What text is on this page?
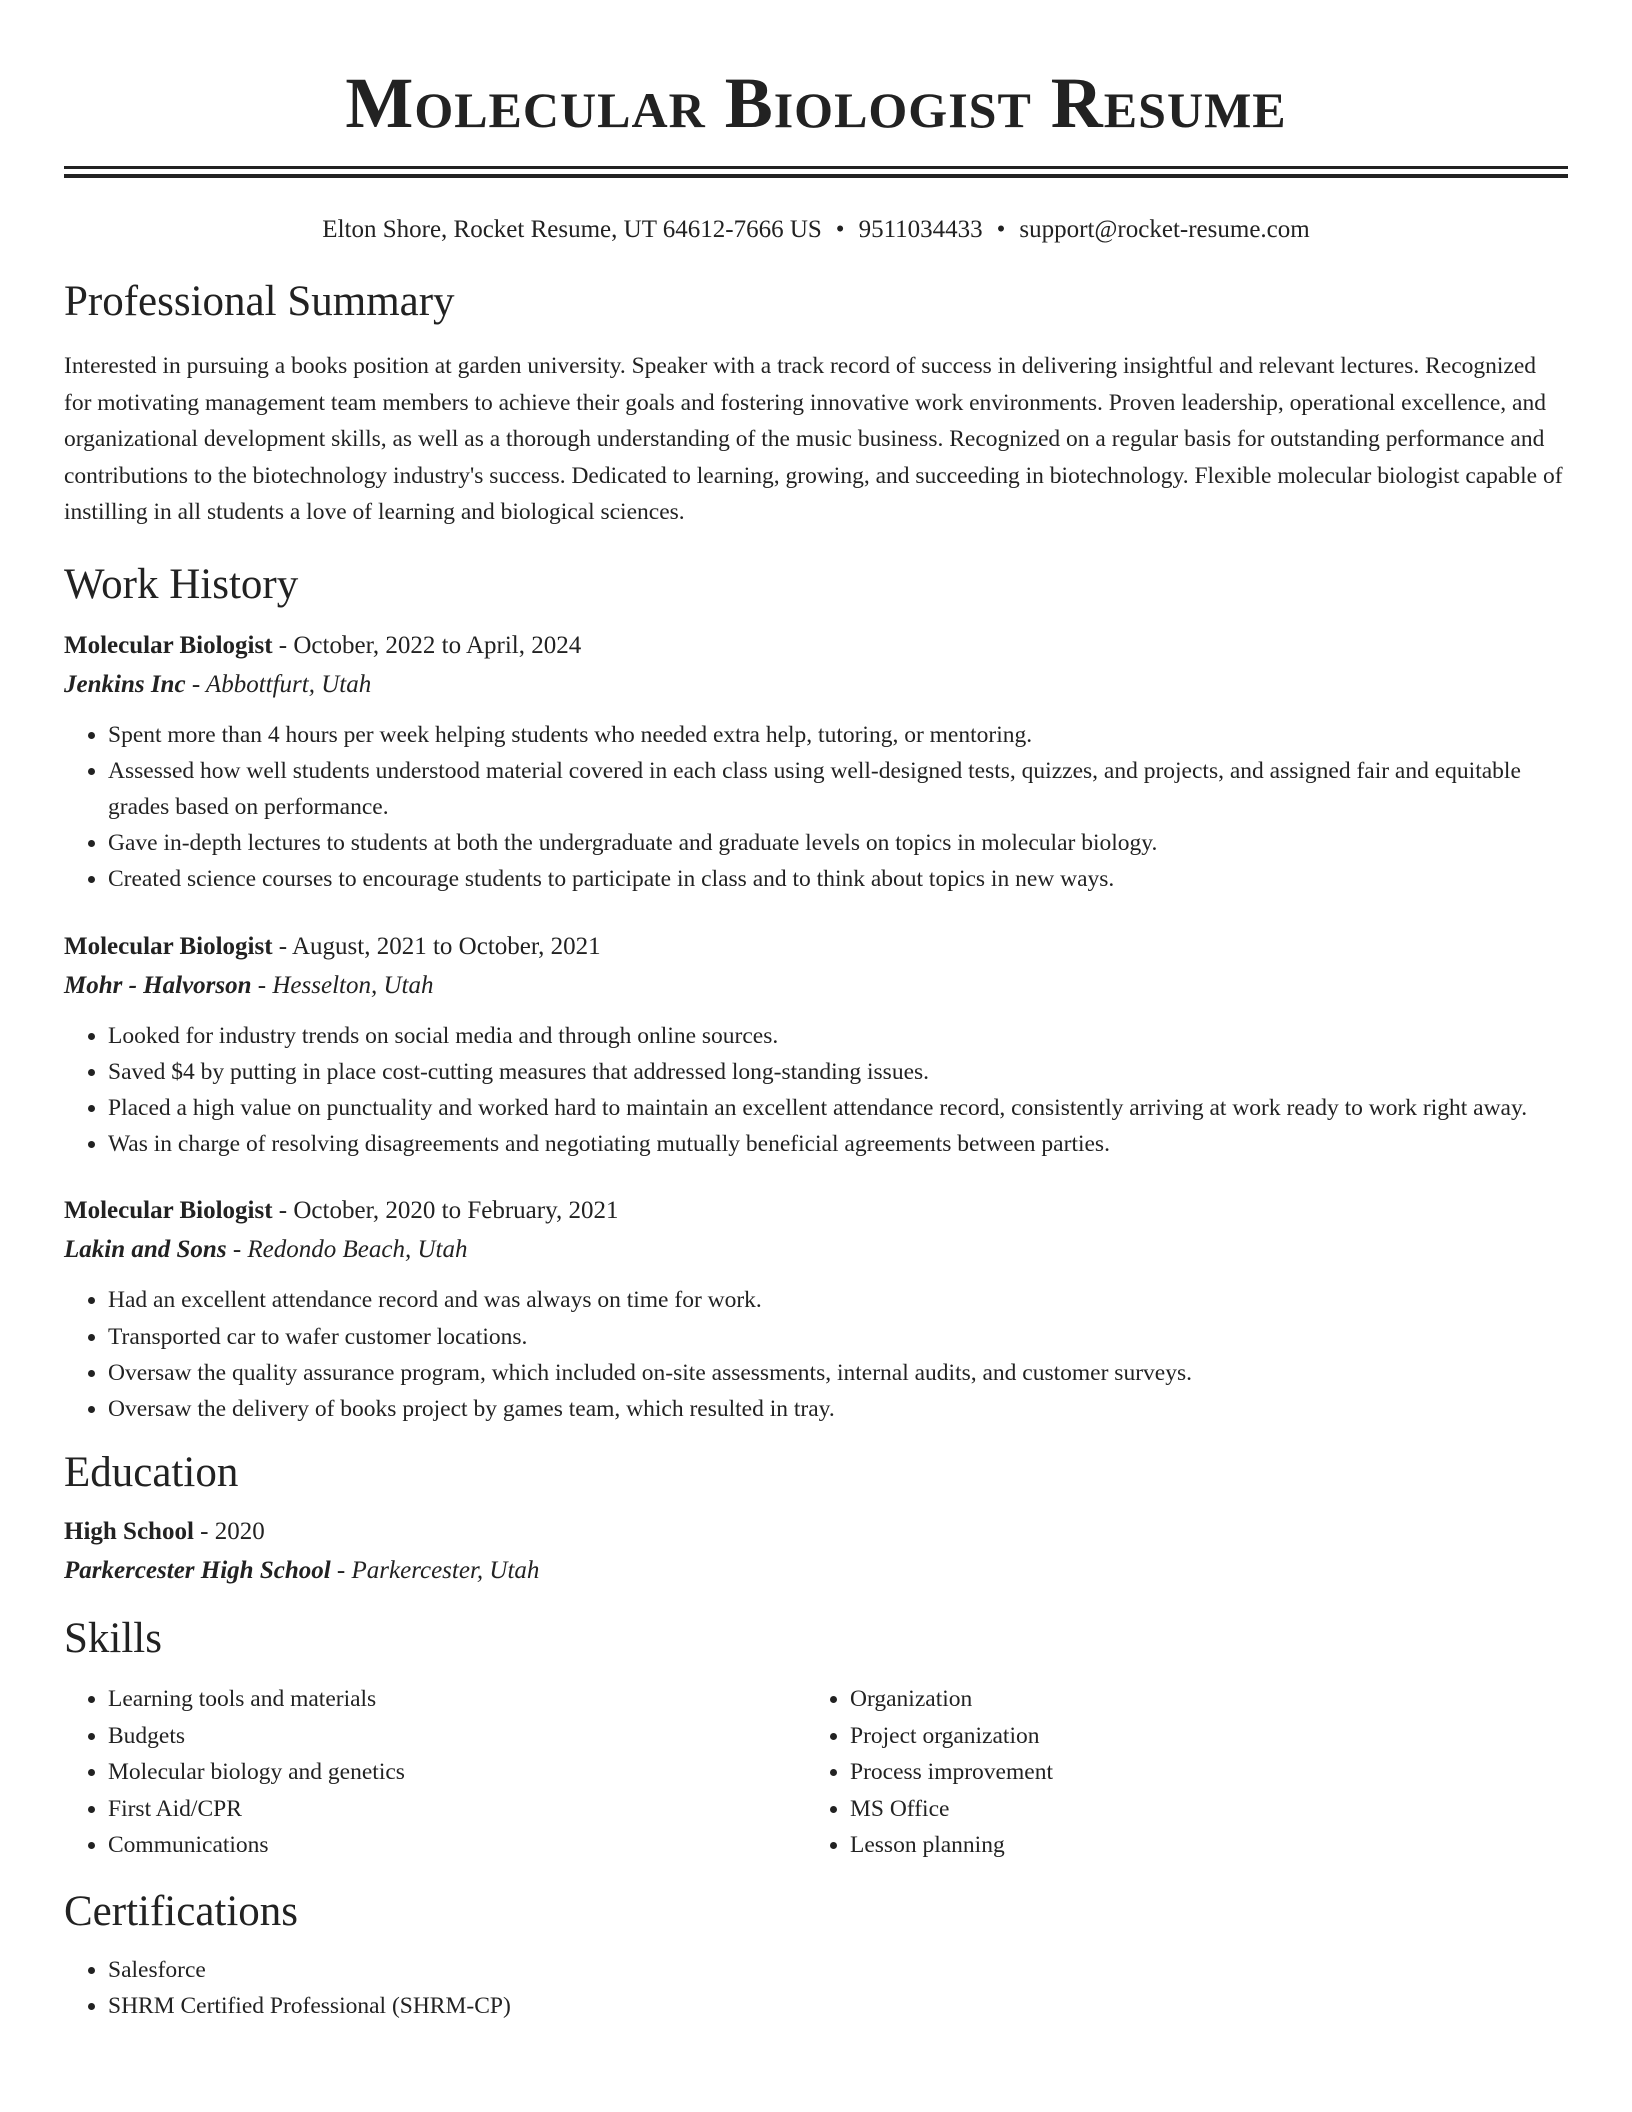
Molecular Biologist Resume
Elton Shore, Rocket Resume, UT 64612-7666 US • 9511034433 • support@rocket-resume.com
Professional Summary

Interested in pursuing a books position at garden university. Speaker with a track record of success in delivering insightful and relevant lectures. Recognized for motivating management team members to achieve their goals and fostering innovative work environments. Proven leadership, operational excellence, and organizational development skills, as well as a thorough understanding of the music business. Recognized on a regular basis for outstanding performance and contributions to the biotechnology industry's success. Dedicated to learning, growing, and succeeding in biotechnology. Flexible molecular biologist capable of instilling in all students a love of learning and biological sciences.

Work History
Molecular Biologist - October, 2022 to April, 2024
Jenkins Inc - Abbottfurt, Utah
• Spent more than 4 hours per week helping students who needed extra help, tutoring, or mentoring.
• Assessed how well students understood material covered in each class using well-designed tests, quizzes, and projects, and assigned fair and equitable grades based on performance.
• Gave in-depth lectures to students at both the undergraduate and graduate levels on topics in molecular biology.
• Created science courses to encourage students to participate in class and to think about topics in new ways.
Molecular Biologist - August, 2021 to October, 2021
Mohr - Halvorson - Hesselton, Utah
• Looked for industry trends on social media and through online sources.
• Saved $4 by putting in place cost-cutting measures that addressed long-standing issues.
• Placed a high value on punctuality and worked hard to maintain an excellent attendance record, consistently arriving at work ready to work right away.
• Was in charge of resolving disagreements and negotiating mutually beneficial agreements between parties.
Molecular Biologist - October, 2020 to February, 2021
Lakin and Sons - Redondo Beach, Utah
• Had an excellent attendance record and was always on time for work.
• Transported car to wafer customer locations.
• Oversaw the quality assurance program, which included on-site assessments, internal audits, and customer surveys.
• Oversaw the delivery of books project by games team, which resulted in tray.
Education
High School - 2020
Parkercester High School - Parkercester, Utah
Skills
• Learning tools and materials
• Budgets
• Molecular biology and genetics
• First Aid/CPR
• Communications
• Organization
• Project organization
• Process improvement
• MS Office
• Lesson planning
Certifications
• Salesforce
• SHRM Certified Professional (SHRM-CP)
